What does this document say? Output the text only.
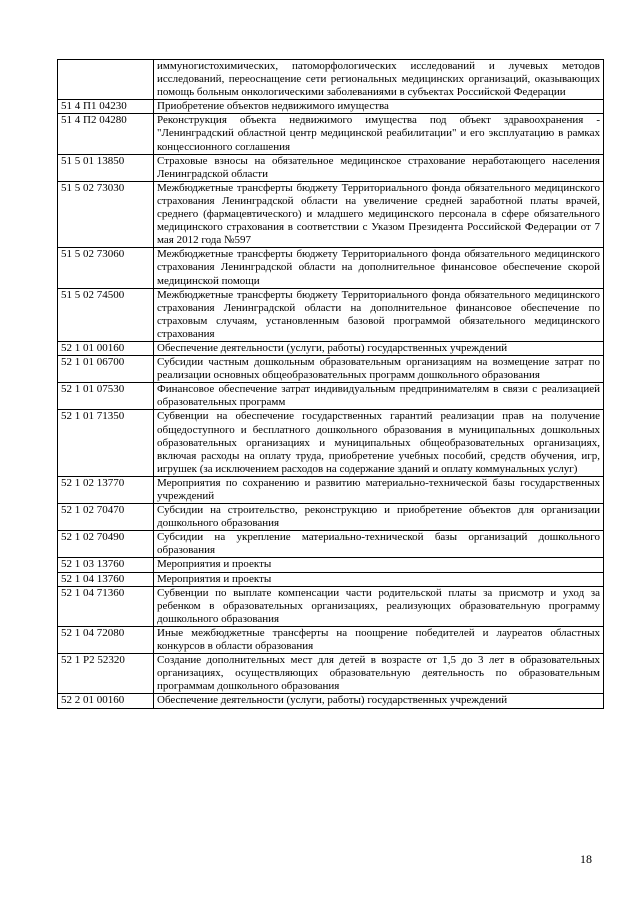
	иммуногистохимических, патоморфологических исследований и лучевых методов исследований, переоснащение сети региональных медицинских организаций, оказывающих помощь больным онкологическими заболеваниями в субъектах Российской Федерации
51 4 П1 04230	Приобретение объектов недвижимого имущества
51 4 П2 04280	Реконструкция объекта недвижимого имущества под объект здравоохранения - "Ленинградский областной центр медицинской реабилитации" и его эксплуатацию в рамках концессионного соглашения
51 5 01 13850	Страховые взносы на обязательное медицинское страхование неработающего населения Ленинградской области
51 5 02 73030	Межбюджетные трансферты бюджету Территориального фонда обязательного медицинского страхования Ленинградской области на увеличение средней заработной платы врачей, среднего (фармацевтического) и младшего медицинского персонала в сфере обязательного медицинского страхования в соответствии с Указом Президента Российской Федерации от 7 мая 2012 года №597
51 5 02 73060	Межбюджетные трансферты бюджету Территориального фонда обязательного медицинского страхования Ленинградской области на дополнительное финансовое обеспечение скорой медицинской помощи
51 5 02 74500	Межбюджетные трансферты бюджету Территориального фонда обязательного медицинского страхования Ленинградской области на дополнительное финансовое обеспечение по страховым случаям, установленным базовой программой обязательного медицинского страхования
52 1 01 00160	Обеспечение деятельности (услуги, работы) государственных учреждений
52 1 01 06700	Субсидии частным дошкольным образовательным организациям на возмещение затрат по реализации основных общеобразовательных программ дошкольного образования
52 1 01 07530	Финансовое обеспечение затрат индивидуальным предпринимателям в связи с реализацией образовательных программ
52 1 01 71350	Субвенции на обеспечение государственных гарантий реализации прав на получение общедоступного и бесплатного дошкольного образования в муниципальных дошкольных образовательных организациях и муниципальных общеобразовательных организациях, включая расходы на оплату труда, приобретение учебных пособий, средств обучения, игр, игрушек (за исключением расходов на содержание зданий и оплату коммунальных услуг)
52 1 02 13770	Мероприятия по сохранению и развитию материально-технической базы государственных учреждений
52 1 02 70470	Субсидии на строительство, реконструкцию и приобретение объектов для организации дошкольного образования
52 1 02 70490	Субсидии на укрепление материально-технической базы организаций дошкольного образования
52 1 03 13760	Мероприятия и проекты
52 1 04 13760	Мероприятия и проекты
52 1 04 71360	Субвенции по выплате компенсации части родительской платы за присмотр и уход за ребенком в образовательных организациях, реализующих образовательную программу дошкольного образования
52 1 04 72080	Иные межбюджетные трансферты на поощрение победителей и лауреатов областных конкурсов в области образования
52 1 Р2 52320	Создание дополнительных мест для детей в возрасте от 1,5 до 3 лет в образовательных организациях, осуществляющих образовательную деятельность по образовательным программам дошкольного образования
52 2 01 00160	Обеспечение деятельности (услуги, работы) государственных учреждений
18
